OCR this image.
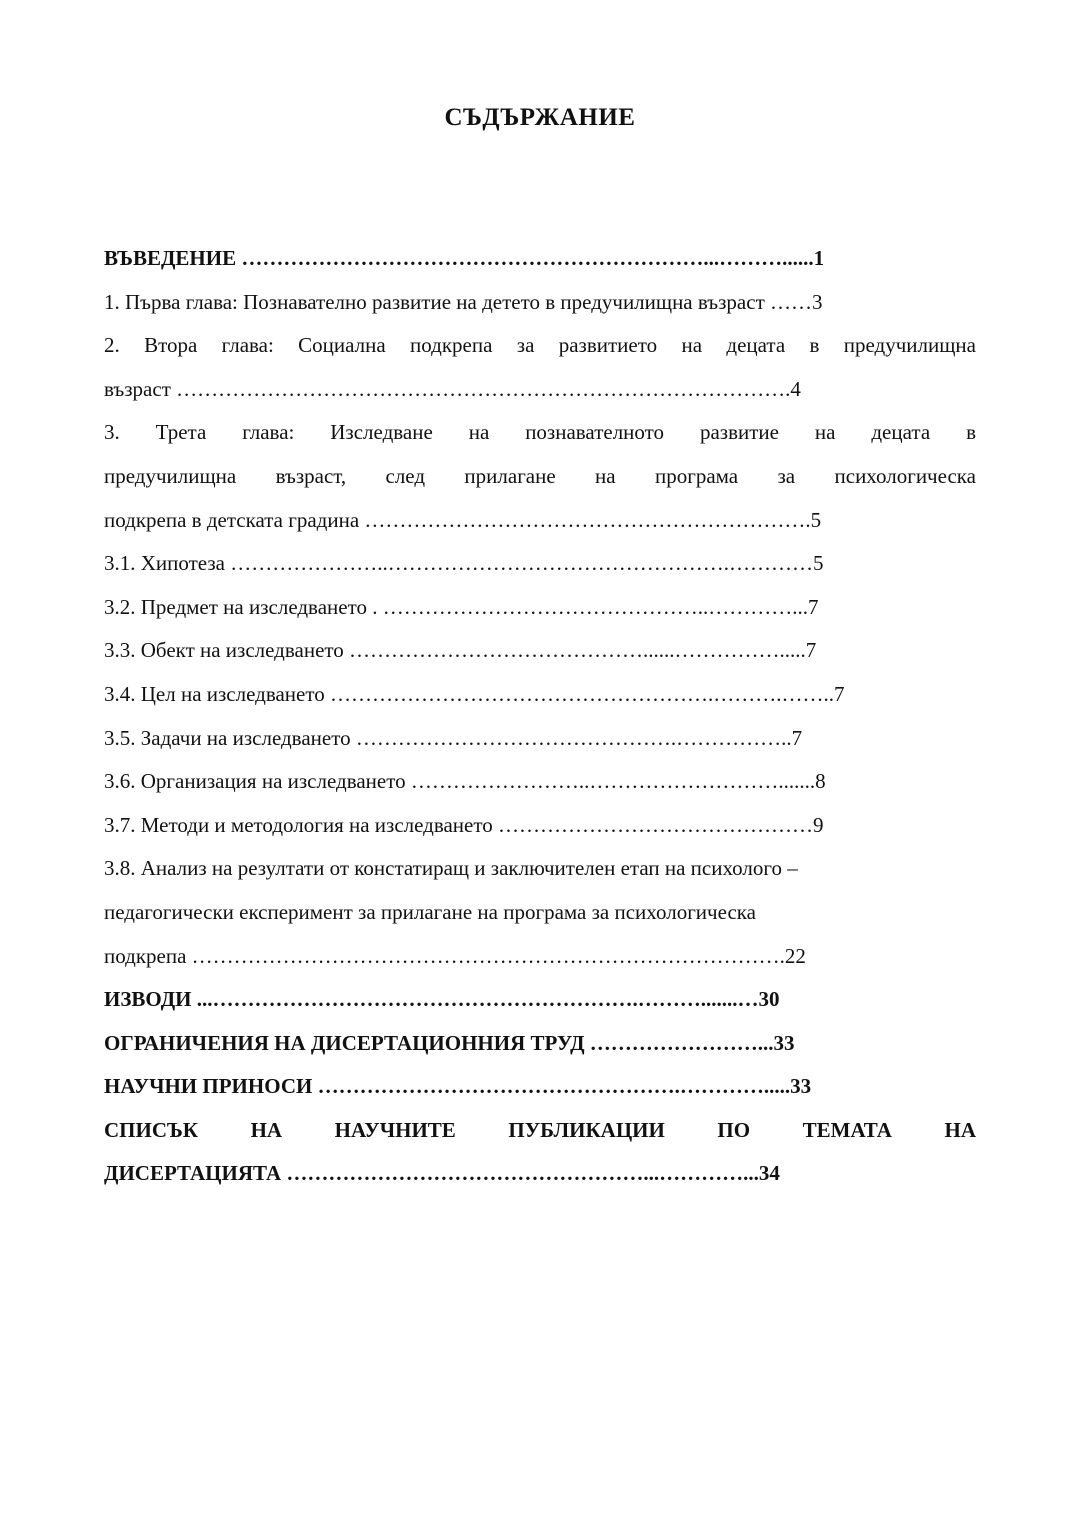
СЪДЪРЖАНИЕ
ВЪВЕДЕНИЕ …………………………………………………………...………......1
1. Първа глава: Познавателно развитие на детето в предучилищна възраст ……3
2. Втора глава: Социална подкрепа за развитието на децата в предучилищна
възраст …………………………………………………………………………….4
3. Трета глава: Изследване на познавателното развитие на децата в
предучилищна възраст, след прилагане на програма за психологическа
подкрепа в детската градина ……………………………………………………….5
3.1. Хипотеза …………………..………………………………………….…………5
3.2. Предмет на изследването . ………………………………………..…………...7
3.3. Обект на изследването ……………………………………......…………….....7
3.4. Цел на изследването ……………………………………………….……….……..7
3.5. Задачи на изследването ……………………………………….……………..7
3.6. Организация на изследването ……………………..……………………….......8
3.7. Методи и методология на изследването ………………………………………9
3.8. Анализ на резултати от констатиращ и заключителен етап на психолого –
педагогически експеримент за прилагане на програма за психологическа
подкрепа ………………………………………………………………………….22
ИЗВОДИ ...…………………………………………………….……….......…30
ОГРАНИЧЕНИЯ НА ДИСЕРТАЦИОННИЯ ТРУД ……………………...33
НАУЧНИ ПРИНОСИ …………………………………………….………….....33
СПИСЪК НА НАУЧНИТЕ ПУБЛИКАЦИИ ПО ТЕМАТА НА
ДИСЕРТАЦИЯТА ……………………………………………...…………...34
